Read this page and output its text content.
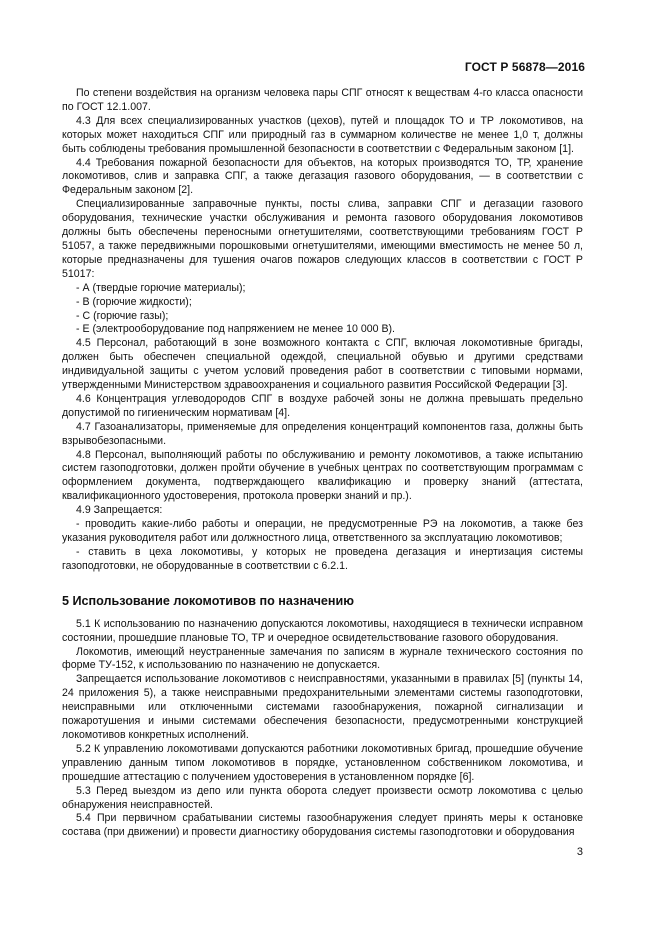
ГОСТ Р 56878—2016

По степени воздействия на организм человека пары СПГ относят к веществам 4-го класса опасности по ГОСТ 12.1.007.

4.3 Для всех специализированных участков (цехов), путей и площадок ТО и ТР локомотивов, на которых может находиться СПГ или природный газ в суммарном количестве не менее 1,0 т, должны быть соблюдены требования промышленной безопасности в соответствии с Федеральным законом [1].

4.4 Требования пожарной безопасности для объектов, на которых производятся ТО, ТР, хранение локомотивов, слив и заправка СПГ, а также дегазация газового оборудования, — в соответствии с Федеральным законом [2].

Специализированные заправочные пункты, посты слива, заправки СПГ и дегазации газового оборудования, технические участки обслуживания и ремонта газового оборудования локомотивов должны быть обеспечены переносными огнетушителями, соответствующими требованиям ГОСТ Р 51057, а также передвижными порошковыми огнетушителями, имеющими вместимость не менее 50 л, которые предназначены для тушения очагов пожаров следующих классов в соответствии с ГОСТ Р 51017:

- А (твердые горючие материалы);

- В (горючие жидкости);

- С (горючие газы);

- Е (электрооборудование под напряжением не менее 10 000 В).

4.5 Персонал, работающий в зоне возможного контакта с СПГ, включая локомотивные бригады, должен быть обеспечен специальной одеждой, специальной обувью и другими средствами индивидуальной защиты с учетом условий проведения работ в соответствии с типовыми нормами, утвержденными Министерством здравоохранения и социального развития Российской Федерации [3].

4.6 Концентрация углеводородов СПГ в воздухе рабочей зоны не должна превышать предельно допустимой по гигиеническим нормативам [4].

4.7 Газоанализаторы, применяемые для определения концентраций компонентов газа, должны быть взрывобезопасными.

4.8 Персонал, выполняющий работы по обслуживанию и ремонту локомотивов, а также испытанию систем газоподготовки, должен пройти обучение в учебных центрах по соответствующим программам с оформлением документа, подтверждающего квалификацию и проверку знаний (аттестата, квалификационного удостоверения, протокола проверки знаний и пр.).

4.9 Запрещается:

- проводить какие-либо работы и операции, не предусмотренные РЭ на локомотив, а также без указания руководителя работ или должностного лица, ответственного за эксплуатацию локомотивов;

- ставить в цеха локомотивы, у которых не проведена дегазация и инертизация системы газоподготовки, не оборудованные в соответствии с 6.2.1.

5 Использование локомотивов по назначению

5.1 К использованию по назначению допускаются локомотивы, находящиеся в технически исправном состоянии, прошедшие плановые ТО, ТР и очередное освидетельствование газового оборудования.

Локомотив, имеющий неустраненные замечания по записям в журнале технического состояния по форме ТУ-152, к использованию по назначению не допускается.

Запрещается использование локомотивов с неисправностями, указанными в правилах [5] (пункты 14, 24 приложения 5), а также неисправными предохранительными элементами системы газоподготовки, неисправными или отключенными системами газообнаружения, пожарной сигнализации и пожаротушения и иными системами обеспечения безопасности, предусмотренными конструкцией локомотивов конкретных исполнений.

5.2 К управлению локомотивами допускаются работники локомотивных бригад, прошедшие обучение управлению данным типом локомотивов в порядке, установленном собственником локомотива, и прошедшие аттестацию с получением удостоверения в установленном порядке [6].

5.3 Перед выездом из депо или пункта оборота следует произвести осмотр локомотива с целью обнаружения неисправностей.

5.4 При первичном срабатывании системы газообнаружения следует принять меры к остановке состава (при движении) и провести диагностику оборудования системы газоподготовки и оборудования

3
